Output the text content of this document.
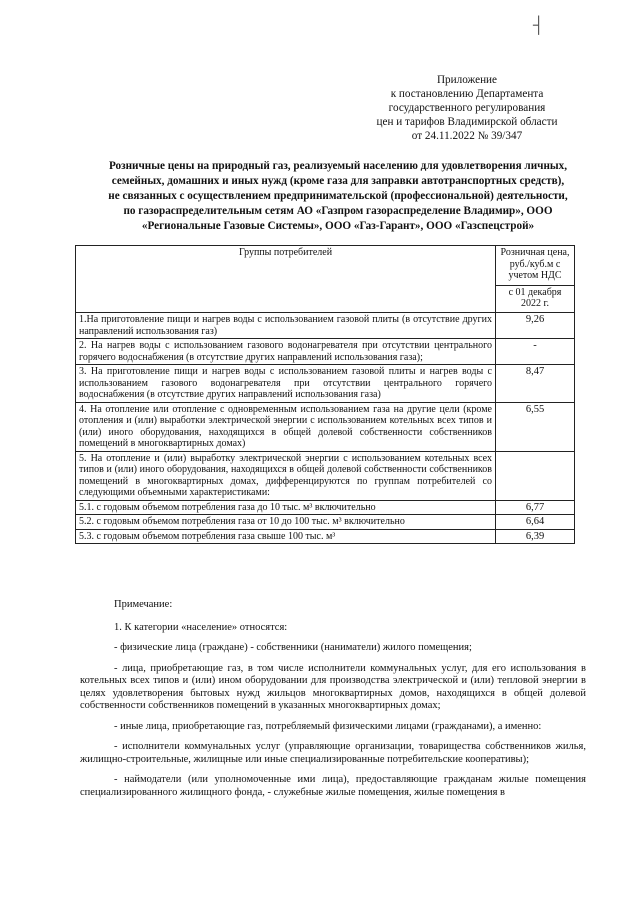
┤
Приложение
к постановлению Департамента
государственного регулирования
цен и тарифов Владимирской области
от 24.11.2022 № 39/347
Розничные цены на природный газ, реализуемый населению для удовлетворения личных,
семейных, домашних и иных нужд (кроме газа для заправки автотранспортных средств),
не связанных с осуществлением предпринимательской (профессиональной) деятельности,
по газораспределительным сетям АО «Газпром газораспределение Владимир», ООО
«Региональные Газовые Системы», ООО «Газ-Гарант», ООО «Газспецстрой»
Группы потребителей	Розничная цена, руб./куб.м с учетом НДС
	с 01 декабря 2022 г.
1.На приготовление пищи и нагрев воды с использованием газовой плиты (в отсутствие других направлений использования газ)	9,26
2. На нагрев воды с использованием газового водонагревателя при отсутствии центрального горячего водоснабжения (в отсутствие других направлений использования газа);	-
3. На приготовление пищи и нагрев воды с использованием газовой плиты и нагрев воды с использованием газового водонагревателя при отсутствии центрального горячего водоснабжения (в отсутствие других направлений использования газа)	8,47
4. На отопление или отопление с одновременным использованием газа на другие цели (кроме отопления и (или) выработки электрической энергии с использованием котельных всех типов и (или) иного оборудования, находящихся в общей долевой собственности собственников помещений в многоквартирных домах)	6,55
5. На отопление и (или) выработку электрической энергии с использованием котельных всех типов и (или) иного оборудования, находящихся в общей долевой собственности собственников помещений в многоквартирных домах, дифференцируются по группам потребителей со следующими объемными характеристиками:	
5.1. с годовым объемом потребления газа до 10 тыс. м³ включительно	6,77
5.2. с годовым объемом потребления газа от 10 до 100 тыс. м³ включительно	6,64
5.3. с годовым объемом потребления газа свыше 100 тыс. м³	6,39

Примечание:

1. К категории «население» относятся:

- физические лица (граждане) - собственники (наниматели) жилого помещения;

- лица, приобретающие газ, в том числе исполнители коммунальных услуг, для его использования в котельных всех типов и (или) ином оборудовании для производства электрической и (или) тепловой энергии в целях удовлетворения бытовых нужд жильцов многоквартирных домов, находящихся в общей долевой собственности собственников помещений в указанных многоквартирных домах;

- иные лица, приобретающие газ, потребляемый физическими лицами (гражданами), а именно:

- исполнители коммунальных услуг (управляющие организации, товарищества собственников жилья, жилищно-строительные, жилищные или иные специализированные потребительские кооперативы);

- наймодатели (или уполномоченные ими лица), предоставляющие гражданам жилые помещения специализированного жилищного фонда, - служебные жилые помещения, жилые помещения в
